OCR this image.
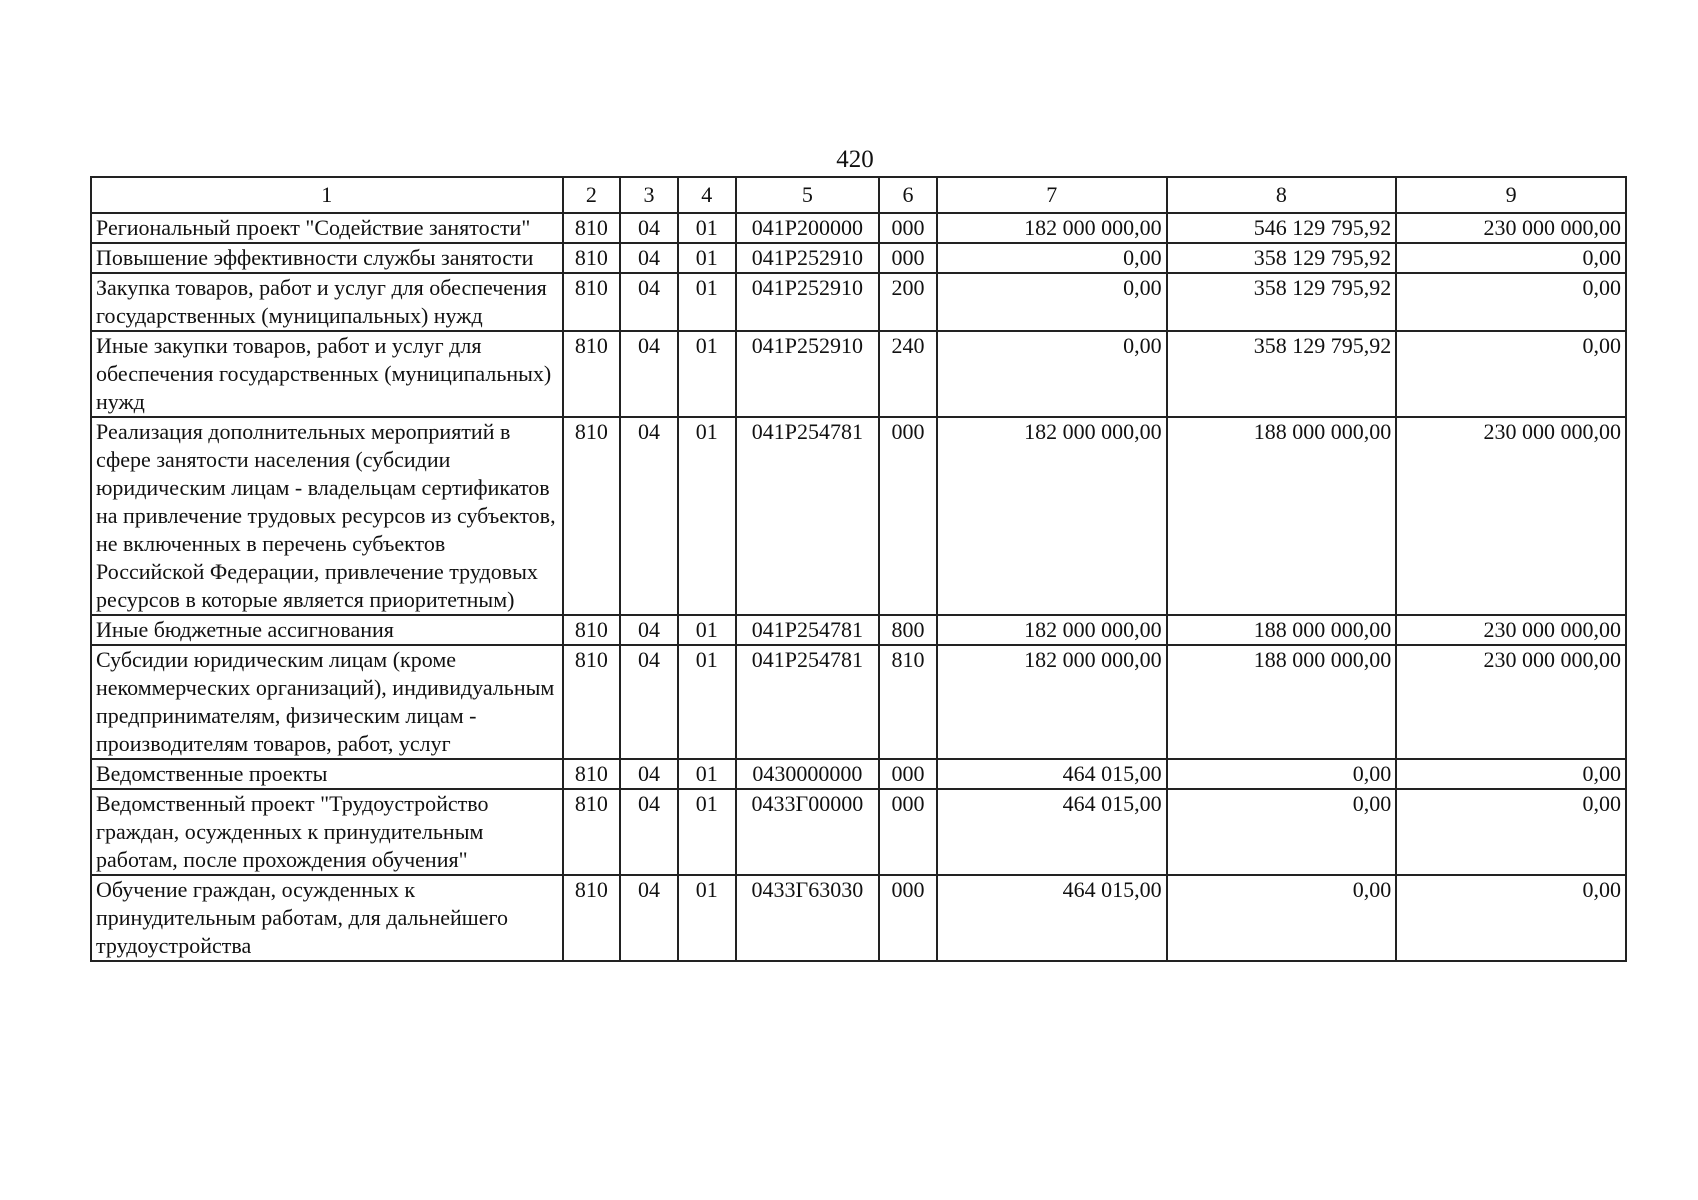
420
1	2	3	4	5	6	7	8	9
Региональный проект "Содействие занятости"	810	04	01	041P200000	000	182 000 000,00	546 129 795,92	230 000 000,00
Повышение эффективности службы занятости	810	04	01	041P252910	000	0,00	358 129 795,92	0,00
Закупка товаров, работ и услуг для обеспечения государственных (муниципальных) нужд	810	04	01	041P252910	200	0,00	358 129 795,92	0,00
Иные закупки товаров, работ и услуг для обеспечения государственных (муниципальных) нужд	810	04	01	041P252910	240	0,00	358 129 795,92	0,00
Реализация дополнительных мероприятий в сфере занятости населения (субсидии юридическим лицам - владельцам сертификатов на привлечение трудовых ресурсов из субъектов, не включенных в перечень субъектов Российской Федерации, привлечение трудовых ресурсов в которые является приоритетным)	810	04	01	041P254781	000	182 000 000,00	188 000 000,00	230 000 000,00
Иные бюджетные ассигнования	810	04	01	041P254781	800	182 000 000,00	188 000 000,00	230 000 000,00
Субсидии юридическим лицам (кроме некоммерческих организаций), индивидуальным предпринимателям, физическим лицам - производителям товаров, работ, услуг	810	04	01	041P254781	810	182 000 000,00	188 000 000,00	230 000 000,00
Ведомственные проекты	810	04	01	0430000000	000	464 015,00	0,00	0,00
Ведомственный проект "Трудоустройство граждан, осужденных к принудительным работам, после прохождения обучения"	810	04	01	0433Г00000	000	464 015,00	0,00	0,00
Обучение граждан, осужденных к принудительным работам, для дальнейшего трудоустройства	810	04	01	0433Г63030	000	464 015,00	0,00	0,00
